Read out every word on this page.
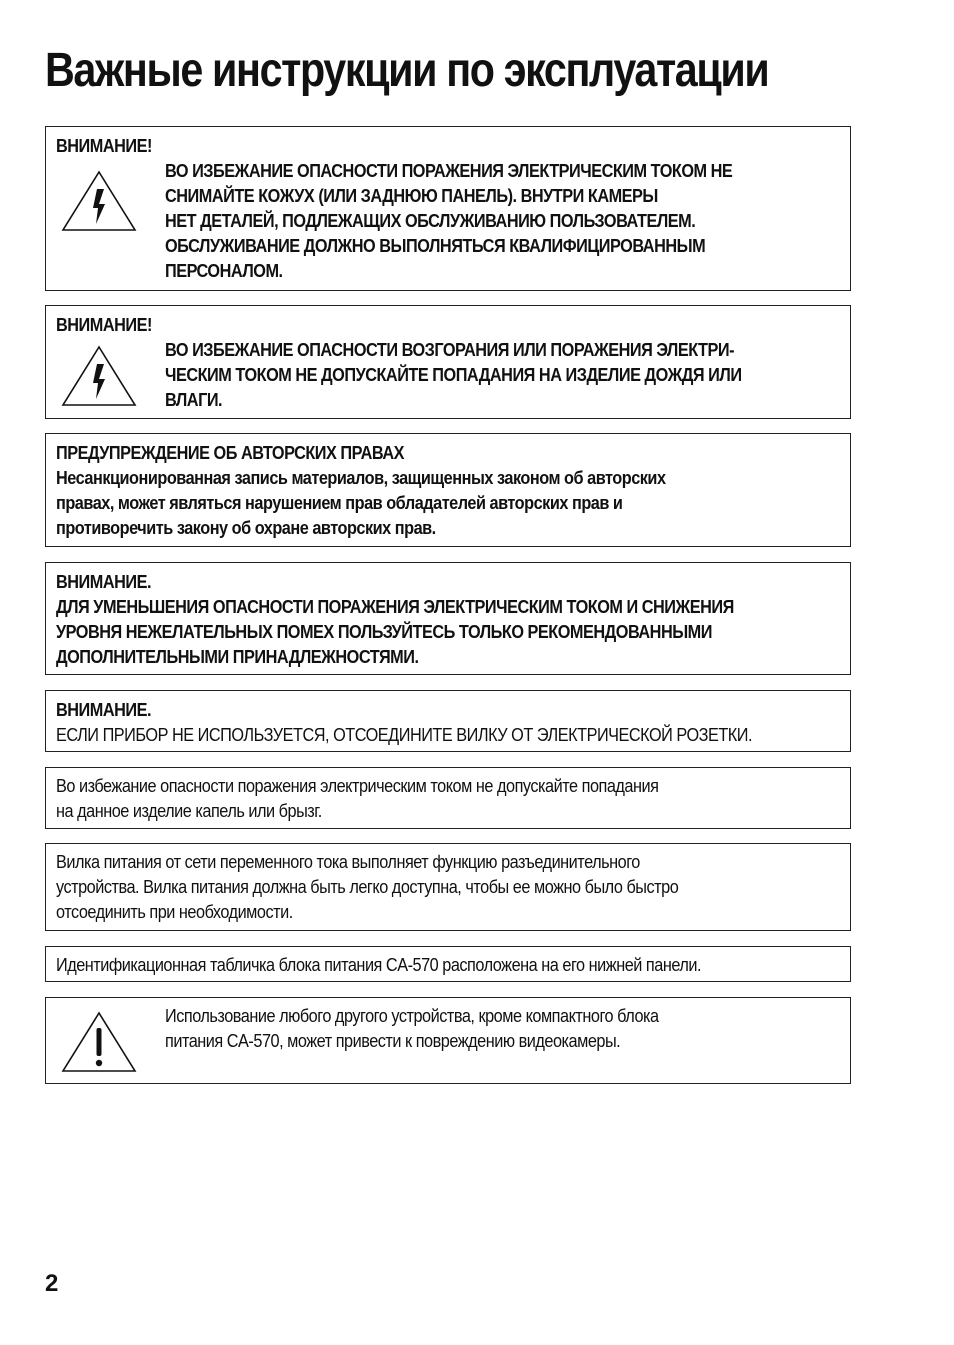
Важные инструкции по эксплуатации
ВНИМАНИЕ!
ВО ИЗБЕЖАНИЕ ОПАСНОСТИ ПОРАЖЕНИЯ ЭЛЕКТРИЧЕСКИМ ТОКОМ НЕ
СНИМАЙТЕ КОЖУХ (ИЛИ ЗАДНЮЮ ПАНЕЛЬ). ВНУТРИ КАМЕРЫ
НЕТ ДЕТАЛЕЙ, ПОДЛЕЖАЩИХ ОБСЛУЖИВАНИЮ ПОЛЬЗОВАТЕЛЕМ.
ОБСЛУЖИВАНИЕ ДОЛЖНО ВЫПОЛНЯТЬСЯ КВАЛИФИЦИРОВАННЫМ
ПЕРСОНАЛОМ.
ВНИМАНИЕ!
ВО ИЗБЕЖАНИЕ ОПАСНОСТИ ВОЗГОРАНИЯ ИЛИ ПОРАЖЕНИЯ ЭЛЕКТРИ-
ЧЕСКИМ ТОКОМ НЕ ДОПУСКАЙТЕ ПОПАДАНИЯ НА ИЗДЕЛИЕ ДОЖДЯ ИЛИ
ВЛАГИ.
ПРЕДУПРЕЖДЕНИЕ ОБ АВТОРСКИХ ПРАВАХ
Несанкционированная запись материалов, защищенных законом об авторских
правах, может являться нарушением прав обладателей авторских прав и
противоречить закону об охране авторских прав.
ВНИМАНИЕ.
ДЛЯ УМЕНЬШЕНИЯ ОПАСНОСТИ ПОРАЖЕНИЯ ЭЛЕКТРИЧЕСКИМ ТОКОМ И СНИЖЕНИЯ
УРОВНЯ НЕЖЕЛАТЕЛЬНЫХ ПОМЕХ ПОЛЬЗУЙТЕСЬ ТОЛЬКО РЕКОМЕНДОВАННЫМИ
ДОПОЛНИТЕЛЬНЫМИ ПРИНАДЛЕЖНОСТЯМИ.
ВНИМАНИЕ.
ЕСЛИ ПРИБОР НЕ ИСПОЛЬЗУЕТСЯ, ОТСОЕДИНИТЕ ВИЛКУ ОТ ЭЛЕКТРИЧЕСКОЙ РОЗЕТКИ.
Во избежание опасности поражения электрическим током не допускайте попадания
на данное изделие капель или брызг.
Вилка питания от сети переменного тока выполняет функцию разъединительного
устройства. Вилка питания должна быть легко доступна, чтобы ее можно было быстро
отсоединить при необходимости.
Идентификационная табличка блока питания CA-570 расположена на его нижней панели.
Использование любого другого устройства, кроме компактного блока
питания CA-570, может привести к повреждению видеокамеры.
2
